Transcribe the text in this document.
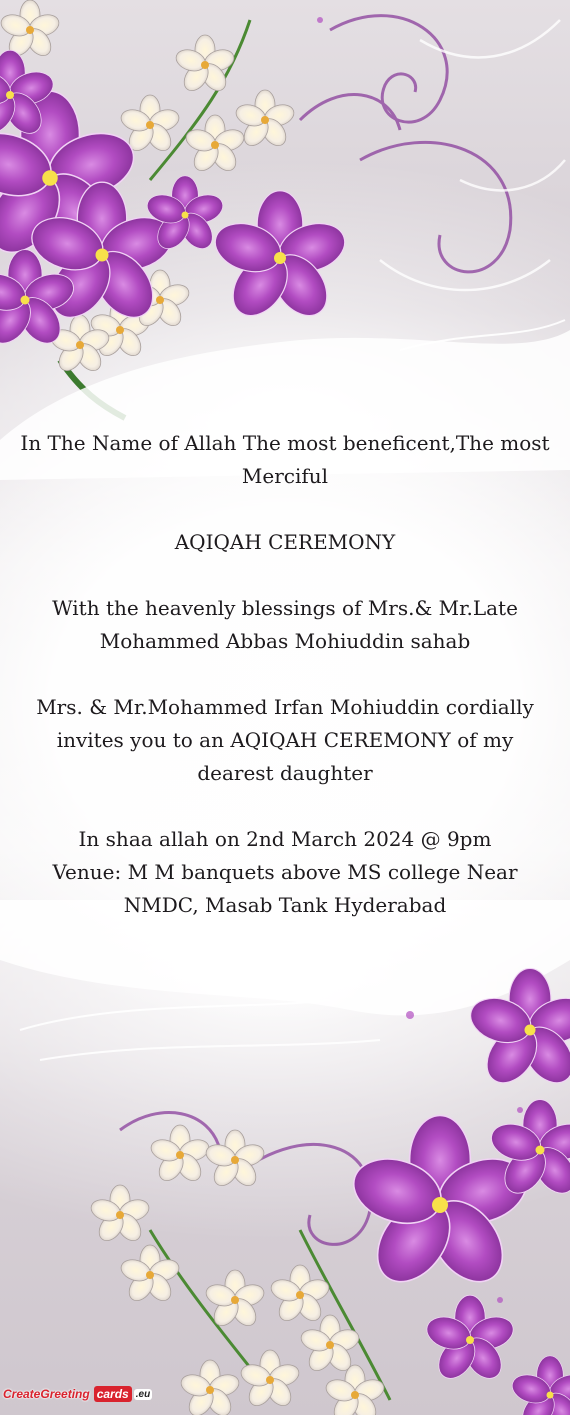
In The Name of Allah The most beneficent,The most

Merciful

AQIQAH CEREMONY

With the heavenly blessings of Mrs.& Mr.Late

Mohammed Abbas Mohiuddin sahab

Mrs. & Mr.Mohammed Irfan Mohiuddin cordially

invites you to an AQIQAH CEREMONY of my

dearest daughter

In shaa allah on 2nd March 2024 @ 9pm

Venue: M M banquets above MS college Near

NMDC, Masab Tank Hyderabad

CreateGreeting cards .eu
